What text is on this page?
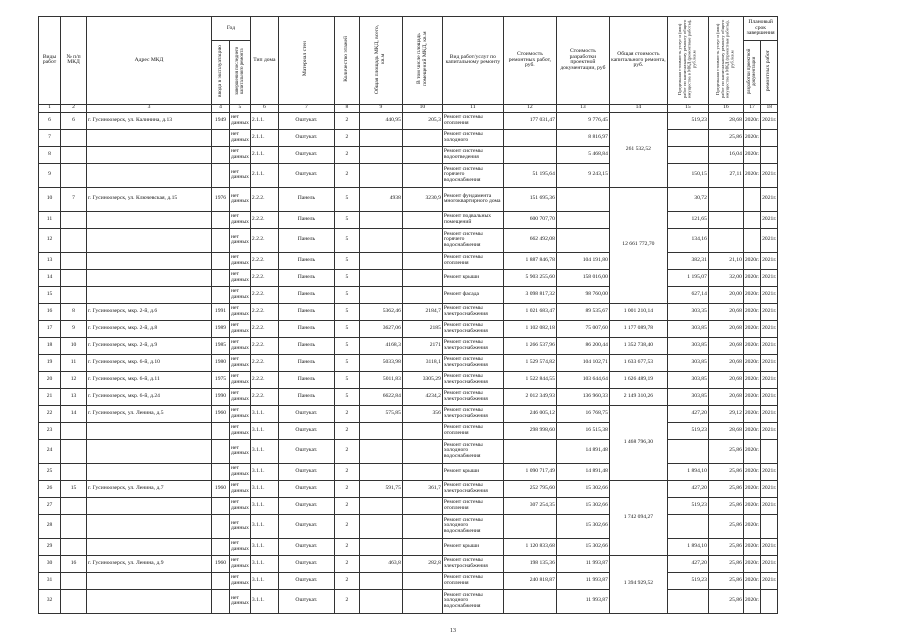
Виды работ	№ п/п МКД	Адрес МКД	Год		Тип дома	Материал стен	Количество этажей	Общая площадь МКД, всего, кв.м	В том числе площадь помещений МКД, кв.м	Вид работ/услуг по капитальному ремонту	Стоимость ремонтных работ, руб.	Стоимость разработки проектной документации, руб	Общая стоимость капитального ремонта, руб.	Предельная стоимость услуг и (или) работ по капитальному ремонту общего имущества в МКД (ремонтные работы), руб./кв.м	Предельная стоимость услуг и (или) работ по капитальному ремонту общего имущества в МКД (проектные работы), руб./кв.м	Плановый срок завершения	
			ввода в эксплуатацию	завершения последнего капитального ремонта												разработки проектной документации	ремонтных работ
1	2	3	4	5	6	7	8	9	10	11	12	13	14	15	16	17	18
6	6	г. Гусиноозерск, ул. Калинина, д.13	1949	нет данных	2.1.1.	Оштукат.	2	440,95	205,3	Ремонт системы отопления	177 031,47	9 776,45	261 532,52	519,23	28,68	2020г.	2021г.
7				нет данных	2.1.1.	Оштукат.	2			Ремонт системы холодного		8 816,97			25,86	2020г.	
8				нет данных	2.1.1.	Оштукат.	2			Ремонт системы водоотведения		5 468,84			16,04	2020г.	
9				нет данных	2.1.1.	Оштукат.	2			Ремонт системы горячего водоснабжения	51 195,64	9 243,15		150,15	27,11	2020г.	2021г.
10	7	г. Гусиноозерск, ул. Ключевская, д.15	1976	нет данных	2.2.2.	Панель	5	4938	3230,9	Ремонт фундамента многоквартирного дома	151 695,36		12 661 772,70	30,72			2021г.
11				нет данных	2.2.2.	Панель	5			Ремонт подвальных помещений	600 707,70			121,65			2021г.
12				нет данных	2.2.2.	Панель	5			Ремонт системы горячего водоснабжения	662 492,08			134,16			2021г.
13				нет данных	2.2.2.	Панель	5			Ремонт системы отопления	1 887 846,78	104 191,80		382,31	21,10	2020г.	2021г.
14				нет данных	2.2.2.	Панель	5			Ремонт крыши	5 903 255,60	158 016,00		1 195,07	32,00	2020г.	2021г.
15				нет данных	2.2.2.	Панель	5			Ремонт фасада	3 098 817,32	98 760,00		627,14	20,00	2020г.	2021г.
16	8	г. Гусиноозерск, мкр. 2-й, д.6	1991	нет данных	2.2.2.	Панель	5	5362,46	2184,7	Ремонт системы электроснабжения	1 021 683,47	89 535,67	1 001 210,14	303,35	20,68	2020г.	2021г.
17	9	г. Гусиноозерск, мкр. 2-й, д.8	1989	нет данных	2.2.2.	Панель	5	3627,06	2185	Ремонт системы электроснабжения	1 102 082,18	75 007,60	1 177 089,78	303,85	20,68	2020г.	2021г.
18	10	г. Гусиноозерск, мкр. 2-й, д.9	1985	нет данных	2.2.2.	Панель	5	4168,3	2171	Ремонт системы электроснабжения	1 266 537,96	86 200,44	1 352 738,40	303,85	20,68	2020г.	2021г.
19	11	г. Гусиноозерск, мкр. 6-й, д.10	1980	нет данных	2.2.2.	Панель	5	5033,98	3118,1	Ремонт системы электроснабжения	1 529 574,82	104 102,71	1 633 677,53	303,85	20,68	2020г.	2021г.
20	12	г. Гусиноозерск, мкр. 6-й, д.11	1975	нет данных	2.2.2.	Панель	5	5011,83	3305,29	Ремонт системы электроснабжения	1 522 844,55	103 644,64	1 626 489,19	303,85	20,68	2020г.	2021г.
21	13	г. Гусиноозерск, мкр. 6-й, д.24	1990	нет данных	2.2.2.	Панель	5	6622,84	4234,2	Ремонт системы электроснабжения	2 012 349,93	136 960,33	2 149 310,26	303,85	20,68	2020г.	2021г.
22	14	г. Гусиноозерск, ул. Ленина, д.5	1960	нет данных	3.1.1.	Оштукат.	2	575,85	356	Ремонт системы электроснабжения	246 005,12	16 768,75	1 468 796,30	427,20	29,12	2020г.	2021г.
23				нет данных	3.1.1.	Оштукат.	2			Ремонт системы отопления	298 998,60	16 515,38		519,23	28,68	2020г.	2021г.
24				нет данных	3.1.1.	Оштукат.	2			Ремонт системы холодного водоснабжения		14 891,48			25,86	2020г.	
25				нет данных	3.1.1.	Оштукат.	2			Ремонт крыши	1 090 717,49	14 891,48		1 894,10	25,86	2020г.	2021г.
26	15	г. Гусиноозерск, ул. Ленина, д.7	1960	нет данных	3.1.1.	Оштукат.	2	591,75	361,7	Ремонт системы электроснабжения	252 795,60	15 302,66	1 742 094,27	427,20	25,86	2020г.	2021г.
27				нет данных	3.1.1.	Оштукат.	2			Ремонт системы отопления	307 254,35	15 302,66		519,23	25,86	2020г.	2021г.
28				нет данных	3.1.1.	Оштукат.	2			Ремонт системы холодного водоснабжения		15 302,66			25,86	2020г.	
29				нет данных	3.1.1.	Оштукат.	2			Ремонт крыши	1 120 833,68	15 302,66		1 894,10	25,86	2020г.	2021г.
30	16	г. Гусиноозерск, ул. Ленина, д.9	1960	нет данных	3.1.1.	Оштукат.	2	463,8	282,8	Ремонт системы электроснабжения	198 135,36	11 993,87	1 394 929,52	427,20	25,86	2020г.	2021г.
31				нет данных	3.1.1.	Оштукат.	2			Ремонт системы отопления	240 818,87	11 993,87		519,23	25,86	2020г.	2021г.
32				нет данных	3.1.1.	Оштукат.	2			Ремонт системы холодного водоснабжения		11 993,87			25,86	2020г.	
13
